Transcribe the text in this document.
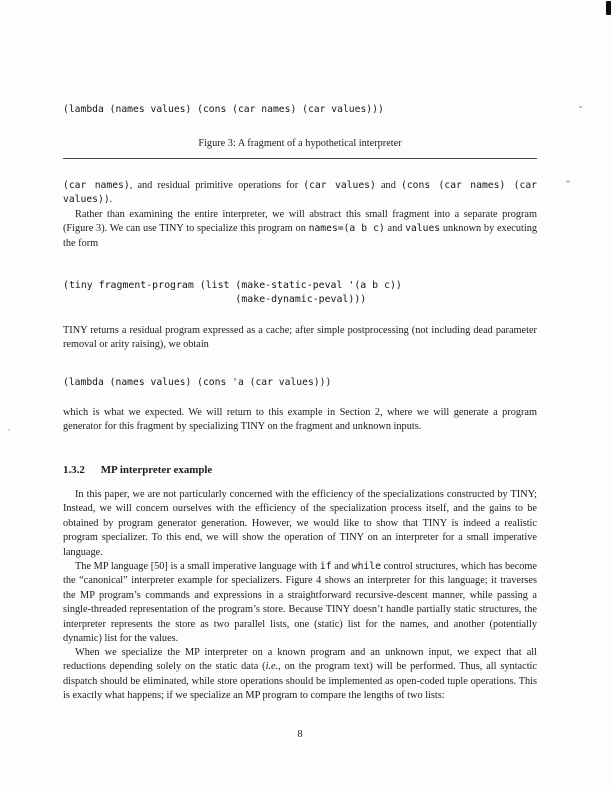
(lambda (names values) (cons (car names) (car values)))
Figure 3: A fragment of a hypothetical interpreter
(car names), and residual primitive operations for (car values) and (cons (car names) (car values)).
Rather than examining the entire interpreter, we will abstract this small fragment into a separate program (Figure 3). We can use TINY to specialize this program on names=(a b c) and values unknown by executing the form
(tiny fragment-program (list (make-static-peval '(a b c))
(make-dynamic-peval)))
TINY returns a residual program expressed as a cache; after simple postprocessing (not including dead parameter removal or arity raising), we obtain
(lambda (names values) (cons 'a (car values)))
which is what we expected. We will return to this example in Section 2, where we will generate a program generator for this fragment by specializing TINY on the fragment and unknown inputs.
1.3.2 MP interpreter example
In this paper, we are not particularly concerned with the efficiency of the specializations constructed by TINY; Instead, we will concern ourselves with the efficiency of the specialization process itself, and the gains to be obtained by program generator generation. However, we would like to show that TINY is indeed a realistic program specializer. To this end, we will show the operation of TINY on an interpreter for a small imperative language.
The MP language [50] is a small imperative language with if and while control structures, which has become the “canonical” interpreter example for specializers. Figure 4 shows an interpreter for this language; it traverses the MP program’s commands and expressions in a straightforward recursive-descent manner, while passing a single-threaded representation of the program’s store. Because TINY doesn’t handle partially static structures, the interpreter represents the store as two parallel lists, one (static) list for the names, and another (potentially dynamic) list for the values.
When we specialize the MP interpreter on a known program and an unknown input, we expect that all reductions depending solely on the static data (i.e., on the program text) will be performed. Thus, all syntactic dispatch should be eliminated, while store operations should be implemented as open-coded tuple operations. This is exactly what happens; if we specialize an MP program to compare the lengths of two lists:
8
